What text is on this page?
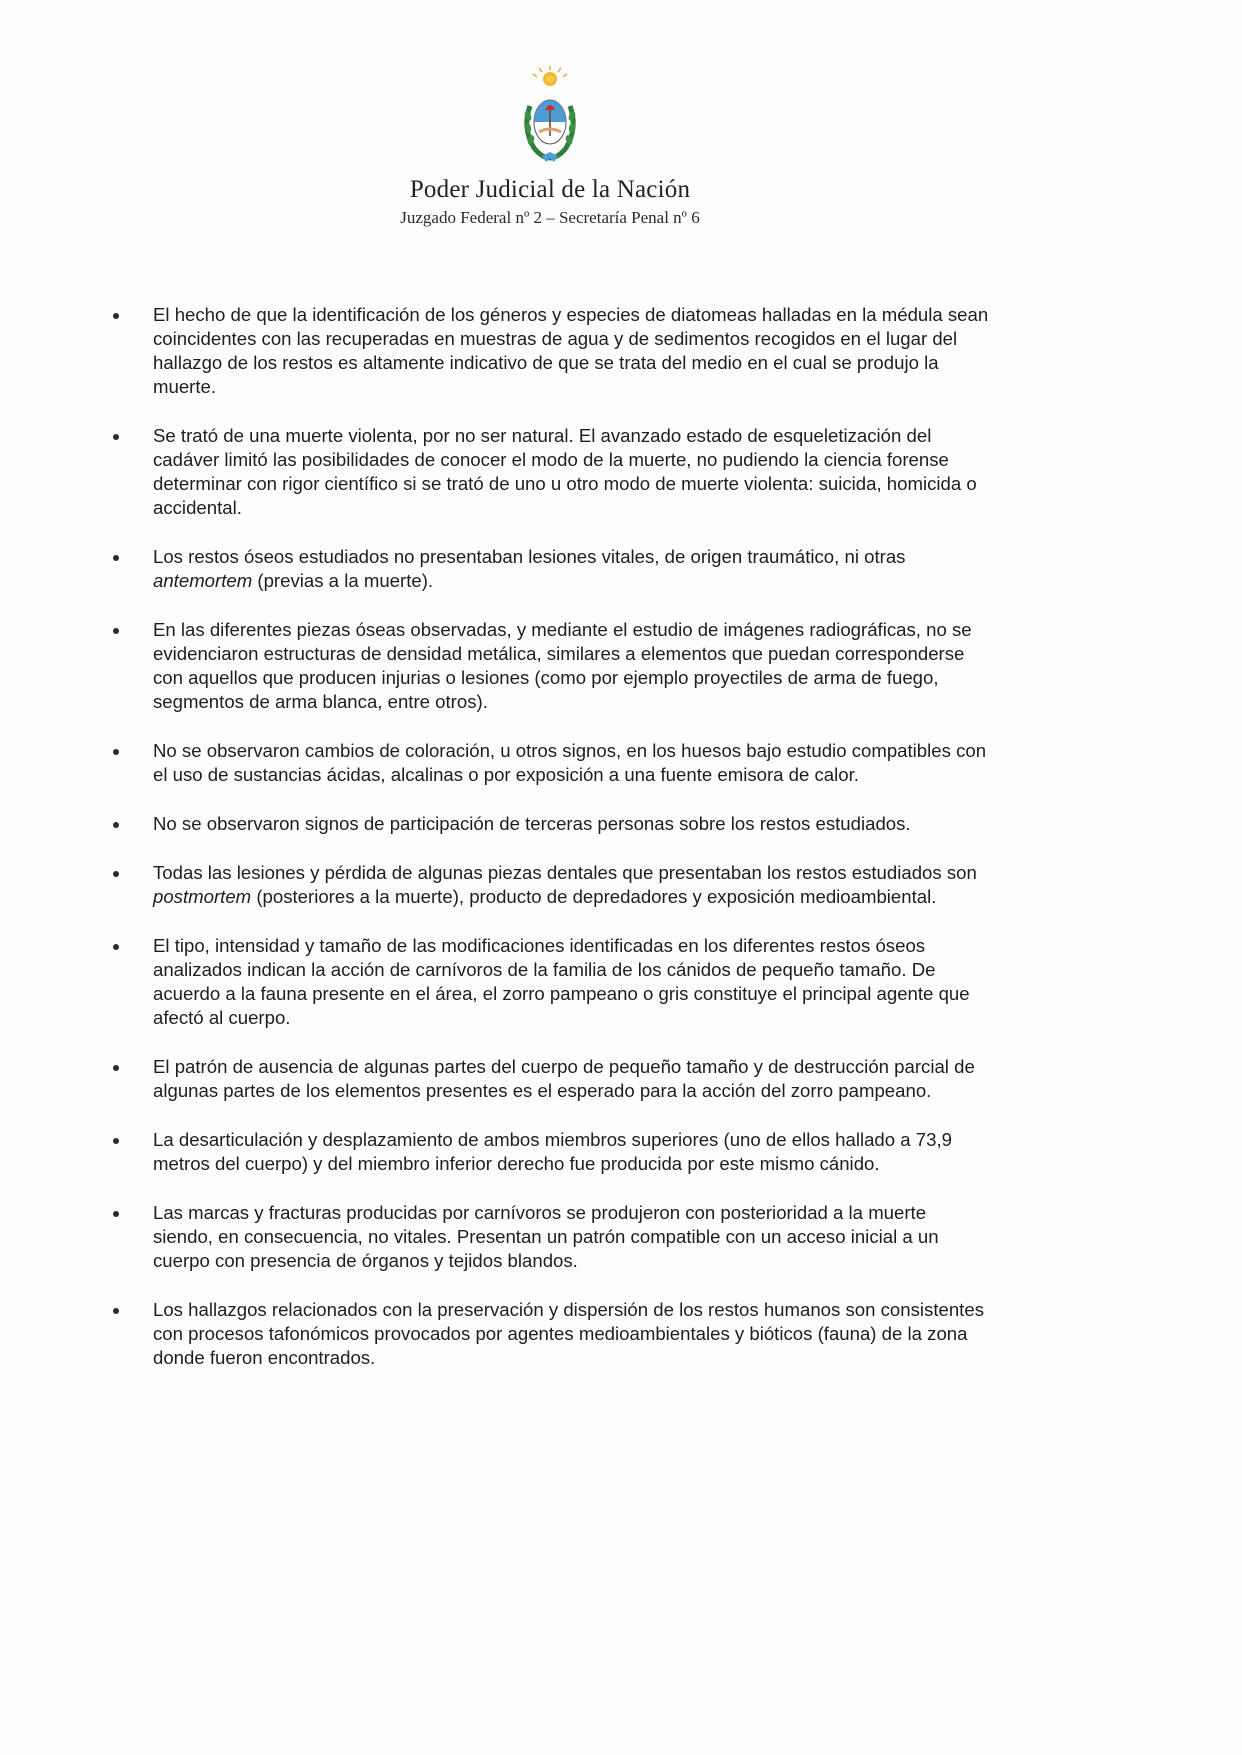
Poder Judicial de la Nación
Juzgado Federal nº 2 – Secretaría Penal nº 6
El hecho de que la identificación de los géneros y especies de diatomeas halladas en la médula sean coincidentes con las recuperadas en muestras de agua y de sedimentos recogidos en el lugar del hallazgo de los restos es altamente indicativo de que se trata del medio en el cual se produjo la muerte.
Se trató de una muerte violenta, por no ser natural. El avanzado estado de esqueletización del cadáver limitó las posibilidades de conocer el modo de la muerte, no pudiendo la ciencia forense determinar con rigor científico si se trató de uno u otro modo de muerte violenta: suicida, homicida o accidental.
Los restos óseos estudiados no presentaban lesiones vitales, de origen traumático, ni otras antemortem (previas a la muerte).
En las diferentes piezas óseas observadas, y mediante el estudio de imágenes radiográficas, no se evidenciaron estructuras de densidad metálica, similares a elementos que puedan corresponderse con aquellos que producen injurias o lesiones (como por ejemplo proyectiles de arma de fuego, segmentos de arma blanca, entre otros).
No se observaron cambios de coloración, u otros signos, en los huesos bajo estudio compatibles con el uso de sustancias ácidas, alcalinas o por exposición a una fuente emisora de calor.
No se observaron signos de participación de terceras personas sobre los restos estudiados.
Todas las lesiones y pérdida de algunas piezas dentales que presentaban los restos estudiados son postmortem (posteriores a la muerte), producto de depredadores y exposición medioambiental.
El tipo, intensidad y tamaño de las modificaciones identificadas en los diferentes restos óseos analizados indican la acción de carnívoros de la familia de los cánidos de pequeño tamaño. De acuerdo a la fauna presente en el área, el zorro pampeano o gris constituye el principal agente que afectó al cuerpo.
El patrón de ausencia de algunas partes del cuerpo de pequeño tamaño y de destrucción parcial de algunas partes de los elementos presentes es el esperado para la acción del zorro pampeano.
La desarticulación y desplazamiento de ambos miembros superiores (uno de ellos hallado a 73,9 metros del cuerpo) y del miembro inferior derecho fue producida por este mismo cánido.
Las marcas y fracturas producidas por carnívoros se produjeron con posterioridad a la muerte siendo, en consecuencia, no vitales. Presentan un patrón compatible con un acceso inicial a un cuerpo con presencia de órganos y tejidos blandos.
Los hallazgos relacionados con la preservación y dispersión de los restos humanos son consistentes con procesos tafonómicos provocados por agentes medioambientales y bióticos (fauna) de la zona donde fueron encontrados.
